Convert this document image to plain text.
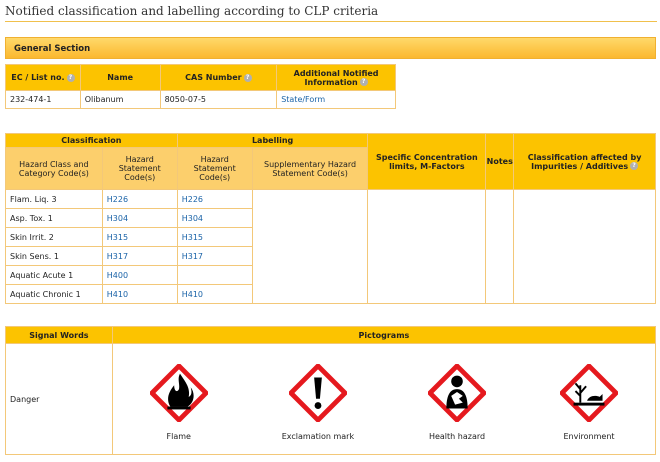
Notified classification and labelling according to CLP criteria
General Section
EC / List no. ?	Name	CAS Number ?	Additional Notified Information ?
232-474-1	Olibanum	8050-07-5	State/Form
Classification		Labelling		Specific Concentration limits, M-Factors	Notes	Classification affected by Impurities / Additives ?
Hazard Class and Category Code(s)	Hazard Statement Code(s)	Hazard Statement Code(s)	Supplementary Hazard Statement Code(s)			
Flam. Liq. 3	H226	H226				
Asp. Tox. 1	H304	H304				
Skin Irrit. 2	H315	H315				
Skin Sens. 1	H317	H317				
Aquatic Acute 1	H400					
Aquatic Chronic 1	H410	H410				
Signal Words	Pictograms
Danger	Flame Exclamation mark Health hazard Environment
